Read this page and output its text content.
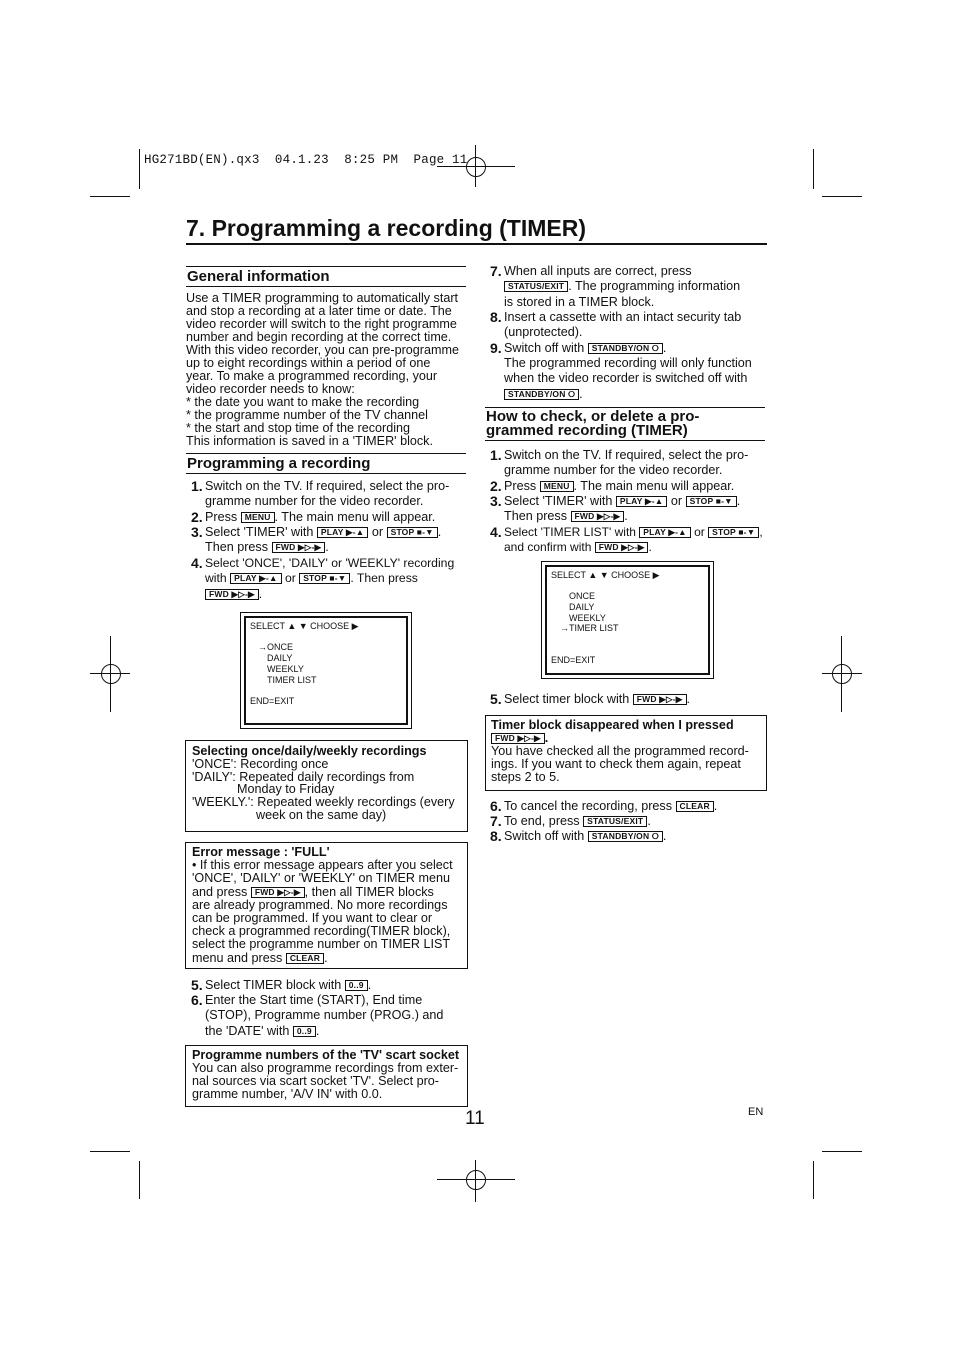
HG271BD(EN).qx3  04.1.23  8:25 PM  Page 11
7. Programming a recording (TIMER)
General information
Use a TIMER programming to automatically start
and stop a recording at a later time or date. The
video recorder will switch to the right programme
number and begin recording at the correct time.
With this video recorder, you can pre-programme
up to eight recordings within a period of one
year. To make a programmed recording, your
video recorder needs to know:
* the date you want to make the recording
* the programme number of the TV channel
* the start and stop time of the recording
This information is saved in a 'TIMER' block.
Programming a recording
1. Switch on the TV. If required, select the pro-
gramme number for the video recorder.
2. Press MENU . The main menu will appear.
3. Select 'TIMER' with PLAY ▶-▲ or STOP ■-▼ .
Then press FWD ▶▷-▶ .
4. Select 'ONCE', 'DAILY' or 'WEEKLY' recording
with PLAY ▶-▲ or STOP ■-▼ . Then press
FWD ▶▷-▶ .
SELECT ▲ ▼ CHOOSE ▶
→ONCE
DAILY
WEEKLY
TIMER LIST
END=EXIT
Selecting once/daily/weekly recordings
'ONCE': Recording once
'DAILY': Repeated daily recordings from
Monday to Friday
'WEEKLY.': Repeated weekly recordings (every
week on the same day)
Error message : 'FULL'
• If this error message appears after you select
'ONCE', 'DAILY' or 'WEEKLY' on TIMER menu
and press FWD ▶▷-▶ , then all TIMER blocks
are already programmed. No more recordings
can be programmed. If you want to clear or
check a programmed recording(TIMER block),
select the programme number on TIMER LIST
menu and press CLEAR .
5. Select TIMER block with 0..9 .
6. Enter the Start time (START), End time
(STOP), Programme number (PROG.) and
the 'DATE' with 0..9 .
Programme numbers of the 'TV' scart socket
You can also programme recordings from exter-
nal sources via scart socket 'TV'. Select pro-
gramme number, 'A/V IN' with 0.0.
11	EN
7. When all inputs are correct, press
STATUS/EXIT . The programming information
is stored in a TIMER block.
8. Insert a cassette with an intact security tab
(unprotected).
9. Switch off with STANDBY/ON ⭘ .
The programmed recording will only function
when the video recorder is switched off with
STANDBY/ON ⭘ .
How to check, or delete a pro-
grammed recording (TIMER)
1. Switch on the TV. If required, select the pro-
gramme number for the video recorder.
2. Press MENU . The main menu will appear.
3. Select 'TIMER' with PLAY ▶-▲ or STOP ■-▼ .
Then press FWD ▶▷-▶ .
4. Select 'TIMER LIST' with PLAY ▶-▲ or STOP ■-▼ ,
and confirm with FWD ▶▷-▶ .
SELECT ▲ ▼ CHOOSE ▶
ONCE
DAILY
WEEKLY
→TIMER LIST
END=EXIT
5. Select timer block with FWD ▶▷-▶ .
Timer block disappeared when I pressed
FWD ▶▷-▶ .
You have checked all the programmed record-
ings. If you want to check them again, repeat
steps 2 to 5.
6. To cancel the recording, press CLEAR .
7. To end, press STATUS/EXIT .
8. Switch off with STANDBY/ON ⭘ .
